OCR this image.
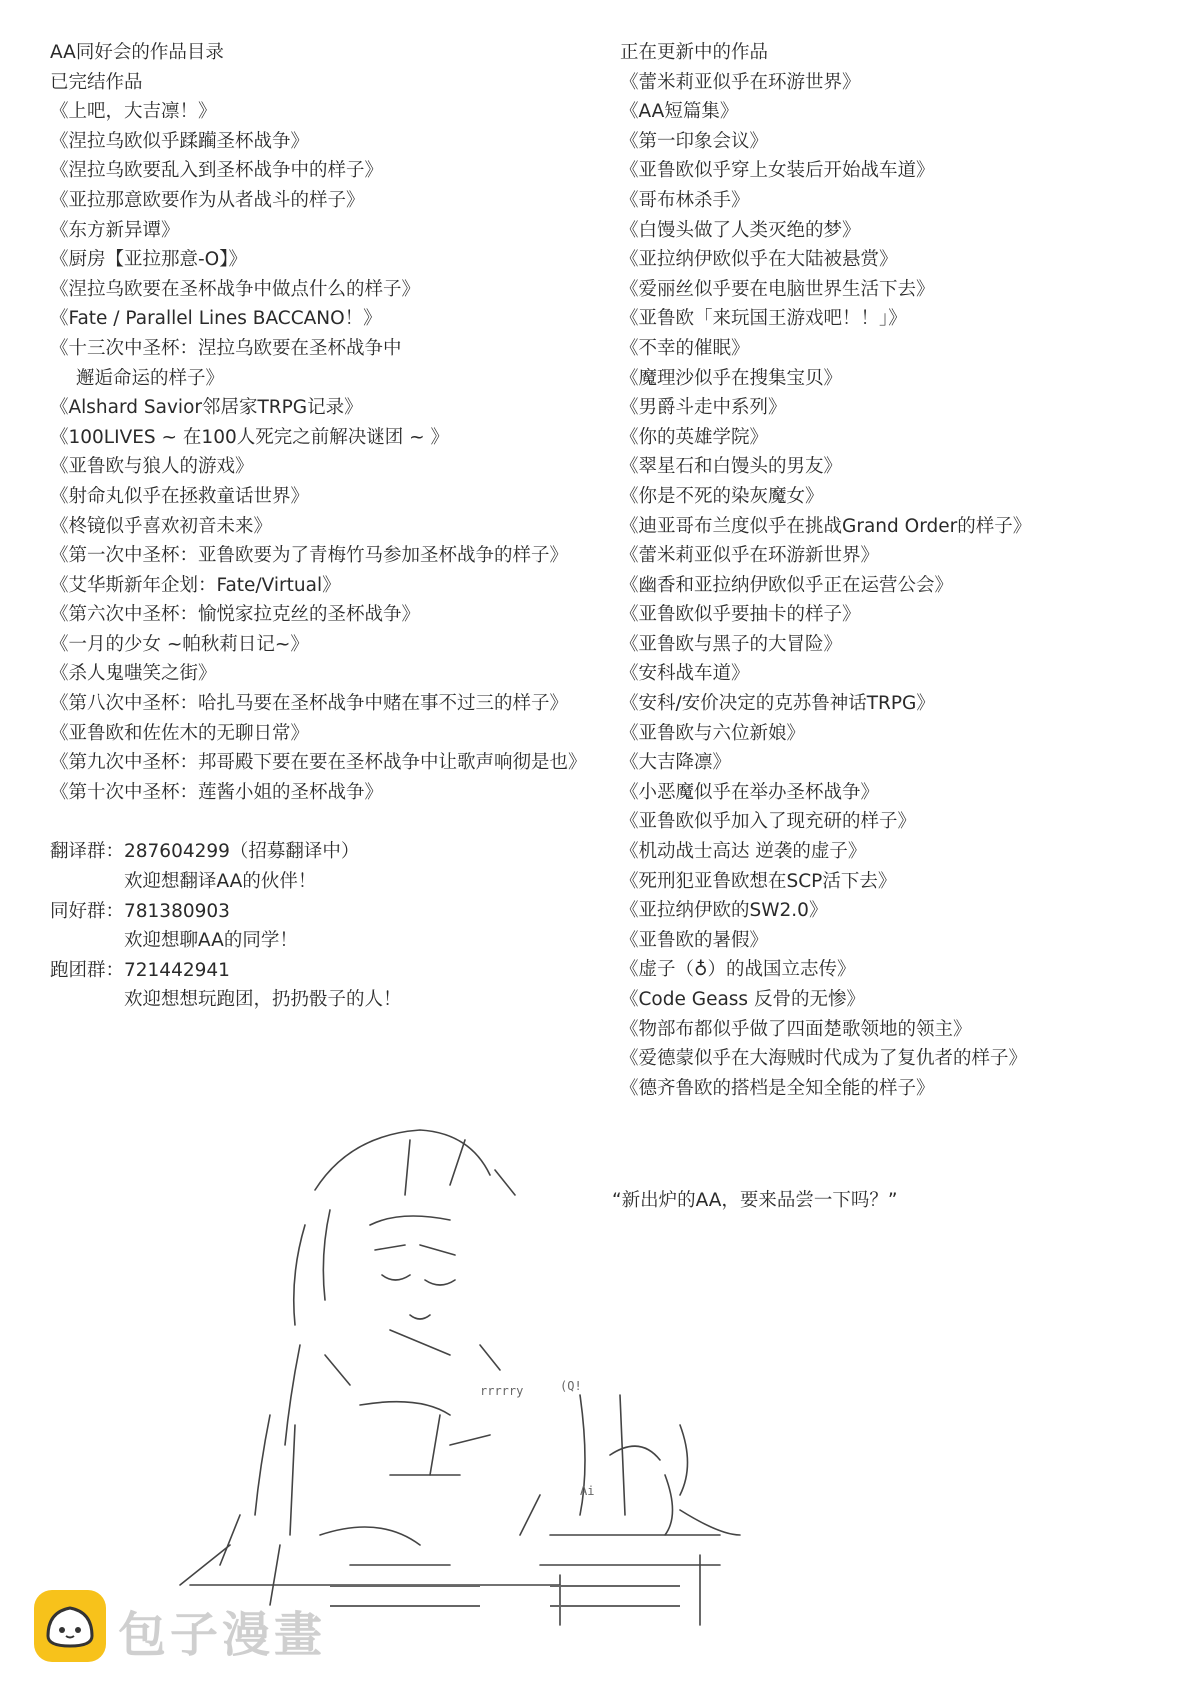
AA同好会的作品目录
已完结作品
《上吧，大吉凛！》
《涅拉乌欧似乎蹂躏圣杯战争》
《涅拉乌欧要乱入到圣杯战争中的样子》
《亚拉那意欧要作为从者战斗的样子》
《东方新异谭》
《厨房【亚拉那意-O】》
《涅拉乌欧要在圣杯战争中做点什么的样子》
《Fate / Parallel Lines BACCANO！》
《十三次中圣杯：涅拉乌欧要在圣杯战争中
邂逅命运的样子》
《Alshard Savior邻居家TRPG记录》
《100LIVES ~ 在100人死完之前解决谜团 ~ 》
《亚鲁欧与狼人的游戏》
《射命丸似乎在拯救童话世界》
《柊镜似乎喜欢初音未来》
《第一次中圣杯：亚鲁欧要为了青梅竹马参加圣杯战争的样子》
《艾华斯新年企划：Fate/Virtual》
《第六次中圣杯：愉悦家拉克丝的圣杯战争》
《一月的少女 ~帕秋莉日记~》
《杀人鬼嗤笑之街》
《第八次中圣杯：哈扎马要在圣杯战争中赌在事不过三的样子》
《亚鲁欧和佐佐木的无聊日常》
《第九次中圣杯：邦哥殿下要在要在圣杯战争中让歌声响彻是也》
《第十次中圣杯：莲酱小姐的圣杯战争》
翻译群： 287604299（招募翻译中）
欢迎想翻译AA的伙伴！
同好群： 781380903
欢迎想聊AA的同学！
跑团群： 721442941
欢迎想想玩跑团，扔扔骰子的人！
正在更新中的作品
《蕾米莉亚似乎在环游世界》
《AA短篇集》
《第一印象会议》
《亚鲁欧似乎穿上女装后开始战车道》
《哥布林杀手》
《白馒头做了人类灭绝的梦》
《亚拉纳伊欧似乎在大陆被悬赏》
《爱丽丝似乎要在电脑世界生活下去》
《亚鲁欧「来玩国王游戏吧！！」》
《不幸的催眠》
《魔理沙似乎在搜集宝贝》
《男爵斗走中系列》
《你的英雄学院》
《翠星石和白馒头的男友》
《你是不死的染灰魔女》
《迪亚哥布兰度似乎在挑战Grand Order的样子》
《蕾米莉亚似乎在环游新世界》
《幽香和亚拉纳伊欧似乎正在运营公会》
《亚鲁欧似乎要抽卡的样子》
《亚鲁欧与黑子的大冒险》
《安科战车道》
《安科/安价决定的克苏鲁神话TRPG》
《亚鲁欧与六位新娘》
《大吉降凛》
《小恶魔似乎在举办圣杯战争》
《亚鲁欧似乎加入了现充研的样子》
《机动战士高达 逆袭的虚子》
《死刑犯亚鲁欧想在SCP活下去》
《亚拉纳伊欧的SW2.0》
《亚鲁欧的暑假》
《虚子（♁）的战国立志传》
《Code Geass 反骨的无惨》
《物部布都似乎做了四面楚歌领地的领主》
《爱德蒙似乎在大海贼时代成为了复仇者的样子》
《德齐鲁欧的搭档是全知全能的样子》
“新出炉的AA，要来品尝一下吗？”
rrrrry	(Q!
Ai
包子漫畫
